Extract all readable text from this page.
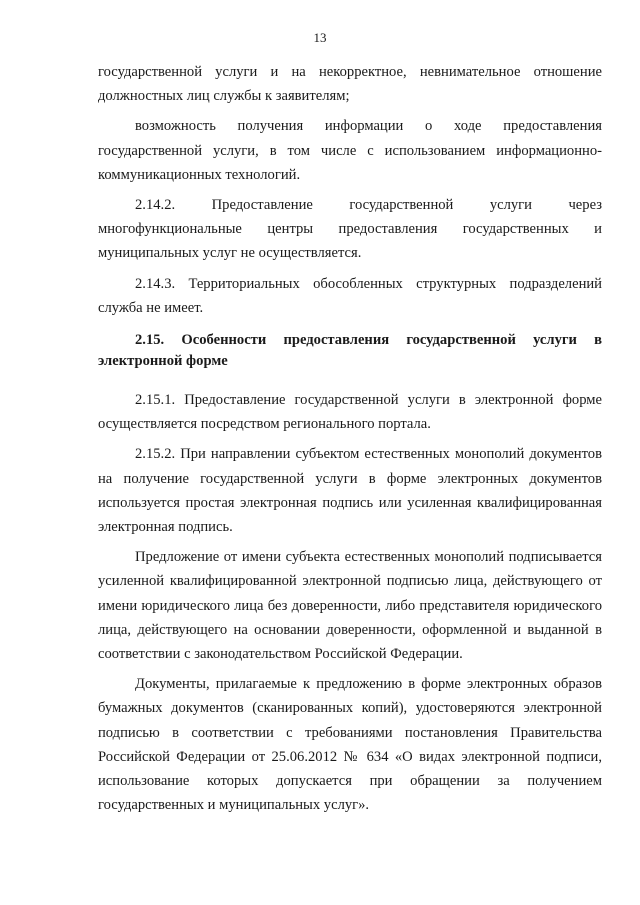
13

государственной услуги и на некорректное, невнимательное отношение должностных лиц службы к заявителям;

возможность получения информации о ходе предоставления государственной услуги, в том числе с использованием информационно-коммуникационных технологий.

2.14.2. Предоставление государственной услуги через многофункциональные центры предоставления государственных и муниципальных услуг не осуществляется.

2.14.3. Территориальных обособленных структурных подразделений служба не имеет.

2.15. Особенности предоставления государственной услуги в электронной форме

2.15.1. Предоставление государственной услуги в электронной форме осуществляется посредством регионального портала.

2.15.2. При направлении субъектом естественных монополий документов на получение государственной услуги в форме электронных документов используется простая электронная подпись или усиленная квалифицированная электронная подпись.

Предложение от имени субъекта естественных монополий подписывается усиленной квалифицированной электронной подписью лица, действующего от имени юридического лица без доверенности, либо представителя юридического лица, действующего на основании доверенности, оформленной и выданной в соответствии с законодательством Российской Федерации.

Документы, прилагаемые к предложению в форме электронных образов бумажных документов (сканированных копий), удостоверяются электронной подписью в соответствии с требованиями постановления Правительства Российской Федерации от 25.06.2012 № 634 «О видах электронной подписи, использование которых допускается при обращении за получением государственных и муниципальных услуг».
